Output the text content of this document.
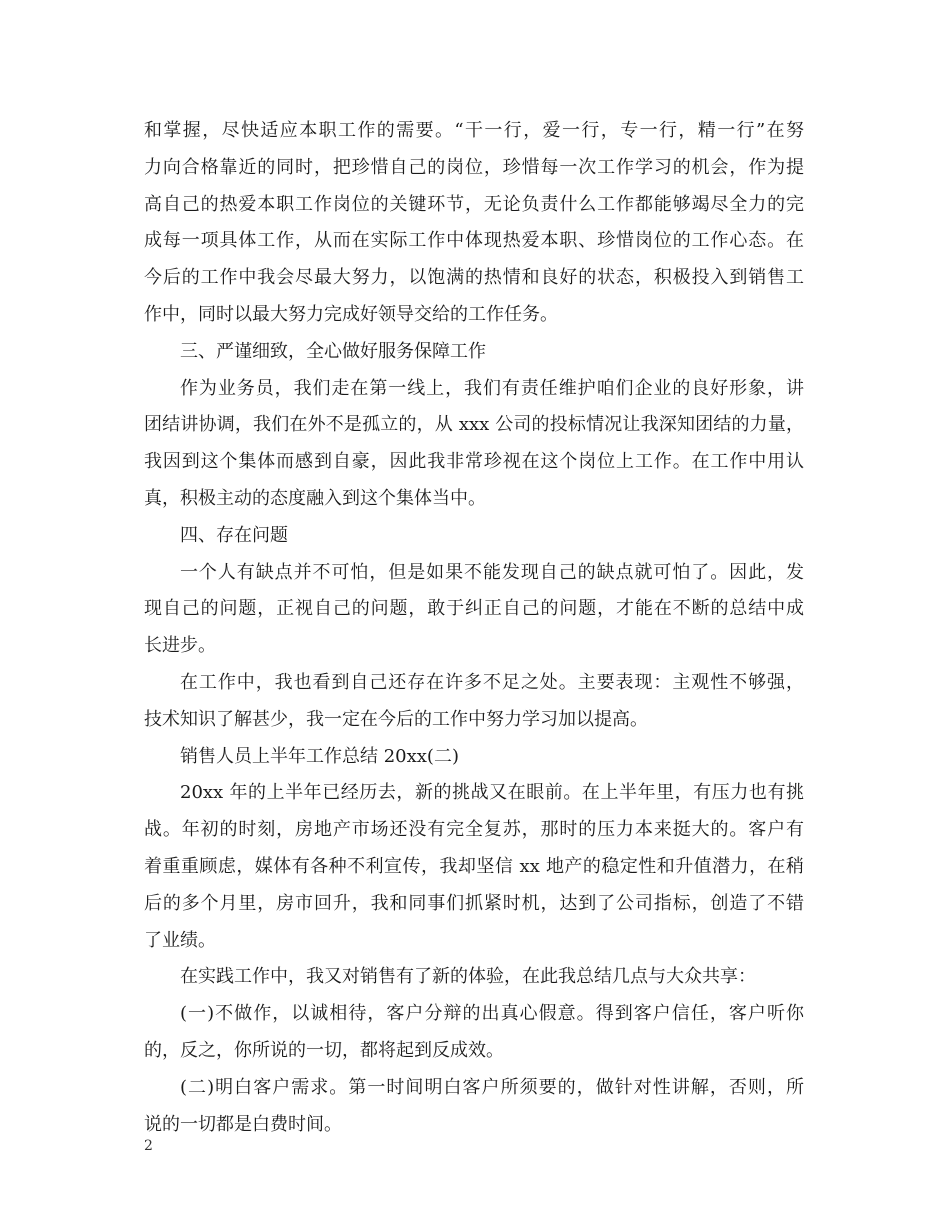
和掌握，尽快适应本职工作的需要。“干一行，爱一行，专一行，精一行”在努
力向合格靠近的同时，把珍惜自己的岗位，珍惜每一次工作学习的机会，作为提
高自己的热爱本职工作岗位的关键环节，无论负责什么工作都能够竭尽全力的完
成每一项具体工作，从而在实际工作中体现热爱本职、珍惜岗位的工作心态。在
今后的工作中我会尽最大努力，以饱满的热情和良好的状态，积极投入到销售工
作中，同时以最大努力完成好领导交给的工作任务。
三、严谨细致，全心做好服务保障工作
作为业务员，我们走在第一线上，我们有责任维护咱们企业的良好形象，讲
团结讲协调，我们在外不是孤立的，从 xxx 公司的投标情况让我深知团结的力量，
我因到这个集体而感到自豪，因此我非常珍视在这个岗位上工作。在工作中用认
真，积极主动的态度融入到这个集体当中。
四、存在问题
一个人有缺点并不可怕，但是如果不能发现自己的缺点就可怕了。因此，发
现自己的问题，正视自己的问题，敢于纠正自己的问题，才能在不断的总结中成
长进步。
在工作中，我也看到自己还存在许多不足之处。主要表现：主观性不够强，
技术知识了解甚少，我一定在今后的工作中努力学习加以提高。
销售人员上半年工作总结 20xx(二)
20xx 年的上半年已经历去，新的挑战又在眼前。在上半年里，有压力也有挑
战。年初的时刻，房地产市场还没有完全复苏，那时的压力本来挺大的。客户有
着重重顾虑，媒体有各种不利宣传，我却坚信 xx 地产的稳定性和升值潜力，在稍
后的多个月里，房市回升，我和同事们抓紧时机，达到了公司指标，创造了不错
了业绩。
在实践工作中，我又对销售有了新的体验，在此我总结几点与大众共享：
(一)不做作，以诚相待，客户分辩的出真心假意。得到客户信任，客户听你
的，反之，你所说的一切，都将起到反成效。
(二)明白客户需求。第一时间明白客户所须要的，做针对性讲解，否则，所
说的一切都是白费时间。
2
